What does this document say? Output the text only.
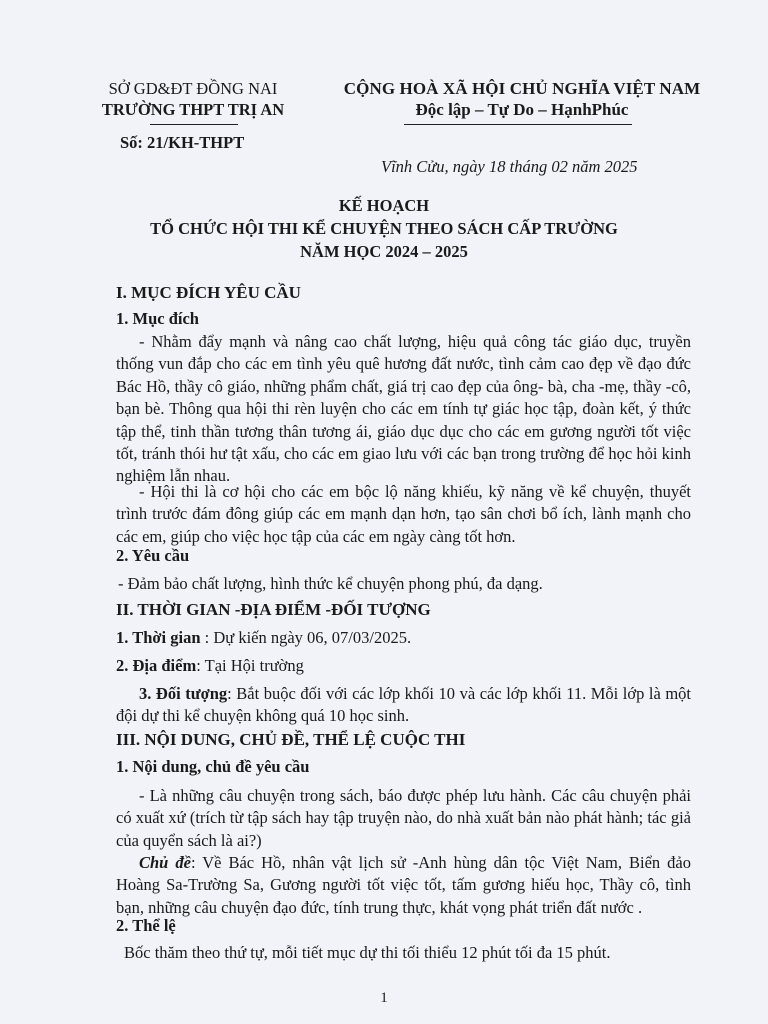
SỞ GD&ĐT ĐỒNG NAI
TRƯỜNG THPT TRỊ AN
CỘNG HOÀ XÃ HỘI CHỦ NGHĨA VIỆT NAM
Độc lập – Tự Do – HạnhPhúc
Số: 21/KH-THPT
Vĩnh Cửu, ngày 18 tháng 02 năm 2025
KẾ HOẠCH
TỔ CHỨC HỘI THI KỂ CHUYỆN THEO SÁCH CẤP TRƯỜNG
NĂM HỌC 2024 – 2025
I. MỤC ĐÍCH YÊU CẦU
1. Mục đích

- Nhằm đẩy mạnh và nâng cao chất lượng, hiệu quả công tác giáo dục, truyền thống vun đắp cho các em tình yêu quê hương đất nước, tình cảm cao đẹp về đạo đức Bác Hồ, thầy cô giáo, những phẩm chất, giá trị cao đẹp của ông- bà, cha -mẹ, thầy -cô, bạn bè. Thông qua hội thi rèn luyện cho các em tính tự giác học tập, đoàn kết, ý thức tập thể, tinh thần tương thân tương ái, giáo dục dục cho các em gương người tốt việc tốt, tránh thói hư tật xấu, cho các em giao lưu với các bạn trong trường để học hỏi kinh nghiệm lẫn nhau.

- Hội thi là cơ hội cho các em bộc lộ năng khiếu, kỹ năng về kể chuyện, thuyết trình trước đám đông giúp các em mạnh dạn hơn, tạo sân chơi bổ ích, lành mạnh cho các em, giúp cho việc học tập của các em ngày càng tốt hơn.

2. Yêu cầu
- Đảm bảo chất lượng, hình thức kể chuyện phong phú, đa dạng.
II. THỜI GIAN -ĐỊA ĐIỂM -ĐỐI TƯỢNG
1. Thời gian : Dự kiến ngày 06, 07/03/2025.
2. Địa điểm: Tại Hội trường

3. Đối tượng: Bắt buộc đối với các lớp khối 10 và các lớp khối 11. Mỗi lớp là một đội dự thi kể chuyện không quá 10 học sinh.

III. NỘI DUNG, CHỦ ĐỀ, THỂ LỆ CUỘC THI
1. Nội dung, chủ đề yêu cầu

- Là những câu chuyện trong sách, báo được phép lưu hành. Các câu chuyện phải có xuất xứ (trích từ tập sách hay tập truyện nào, do nhà xuất bản nào phát hành; tác giả của quyển sách là ai?)

Chủ đề: Về Bác Hồ, nhân vật lịch sử -Anh hùng dân tộc Việt Nam, Biển đảo Hoàng Sa-Trường Sa, Gương người tốt việc tốt, tấm gương hiếu học, Thầy cô, tình bạn, những câu chuyện đạo đức, tính trung thực, khát vọng phát triển đất nước .

2. Thể lệ
Bốc thăm theo thứ tự, mỗi tiết mục dự thi tối thiểu 12 phút tối đa 15 phút.
1
